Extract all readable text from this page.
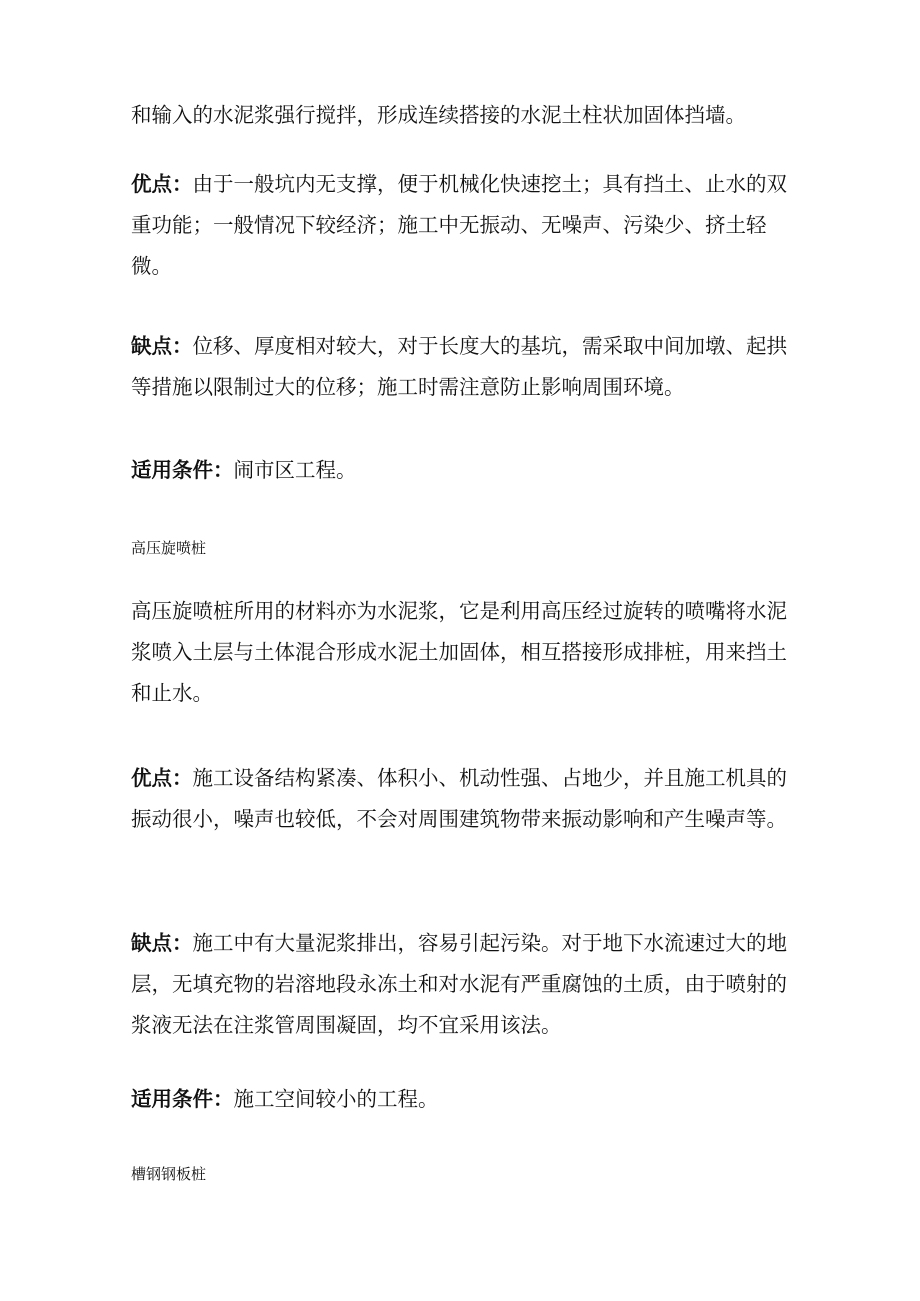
和输入的水泥浆强行搅拌，形成连续搭接的水泥土柱状加固体挡墙。

优点：由于一般坑内无支撑，便于机械化快速挖土；具有挡土、止水的双重功能；一般情况下较经济；施工中无振动、无噪声、污染少、挤土轻微。

缺点：位移、厚度相对较大，对于长度大的基坑，需采取中间加墩、起拱等措施以限制过大的位移；施工时需注意防止影响周围环境。

适用条件：闹市区工程。

高压旋喷桩

高压旋喷桩所用的材料亦为水泥浆，它是利用高压经过旋转的喷嘴将水泥浆喷入土层与土体混合形成水泥土加固体，相互搭接形成排桩，用来挡土和止水。

优点：施工设备结构紧凑、体积小、机动性强、占地少，并且施工机具的振动很小，噪声也较低，不会对周围建筑物带来振动影响和产生噪声等。

缺点：施工中有大量泥浆排出，容易引起污染。对于地下水流速过大的地层，无填充物的岩溶地段永冻土和对水泥有严重腐蚀的土质，由于喷射的浆液无法在注浆管周围凝固，均不宜采用该法。

适用条件：施工空间较小的工程。

槽钢钢板桩
